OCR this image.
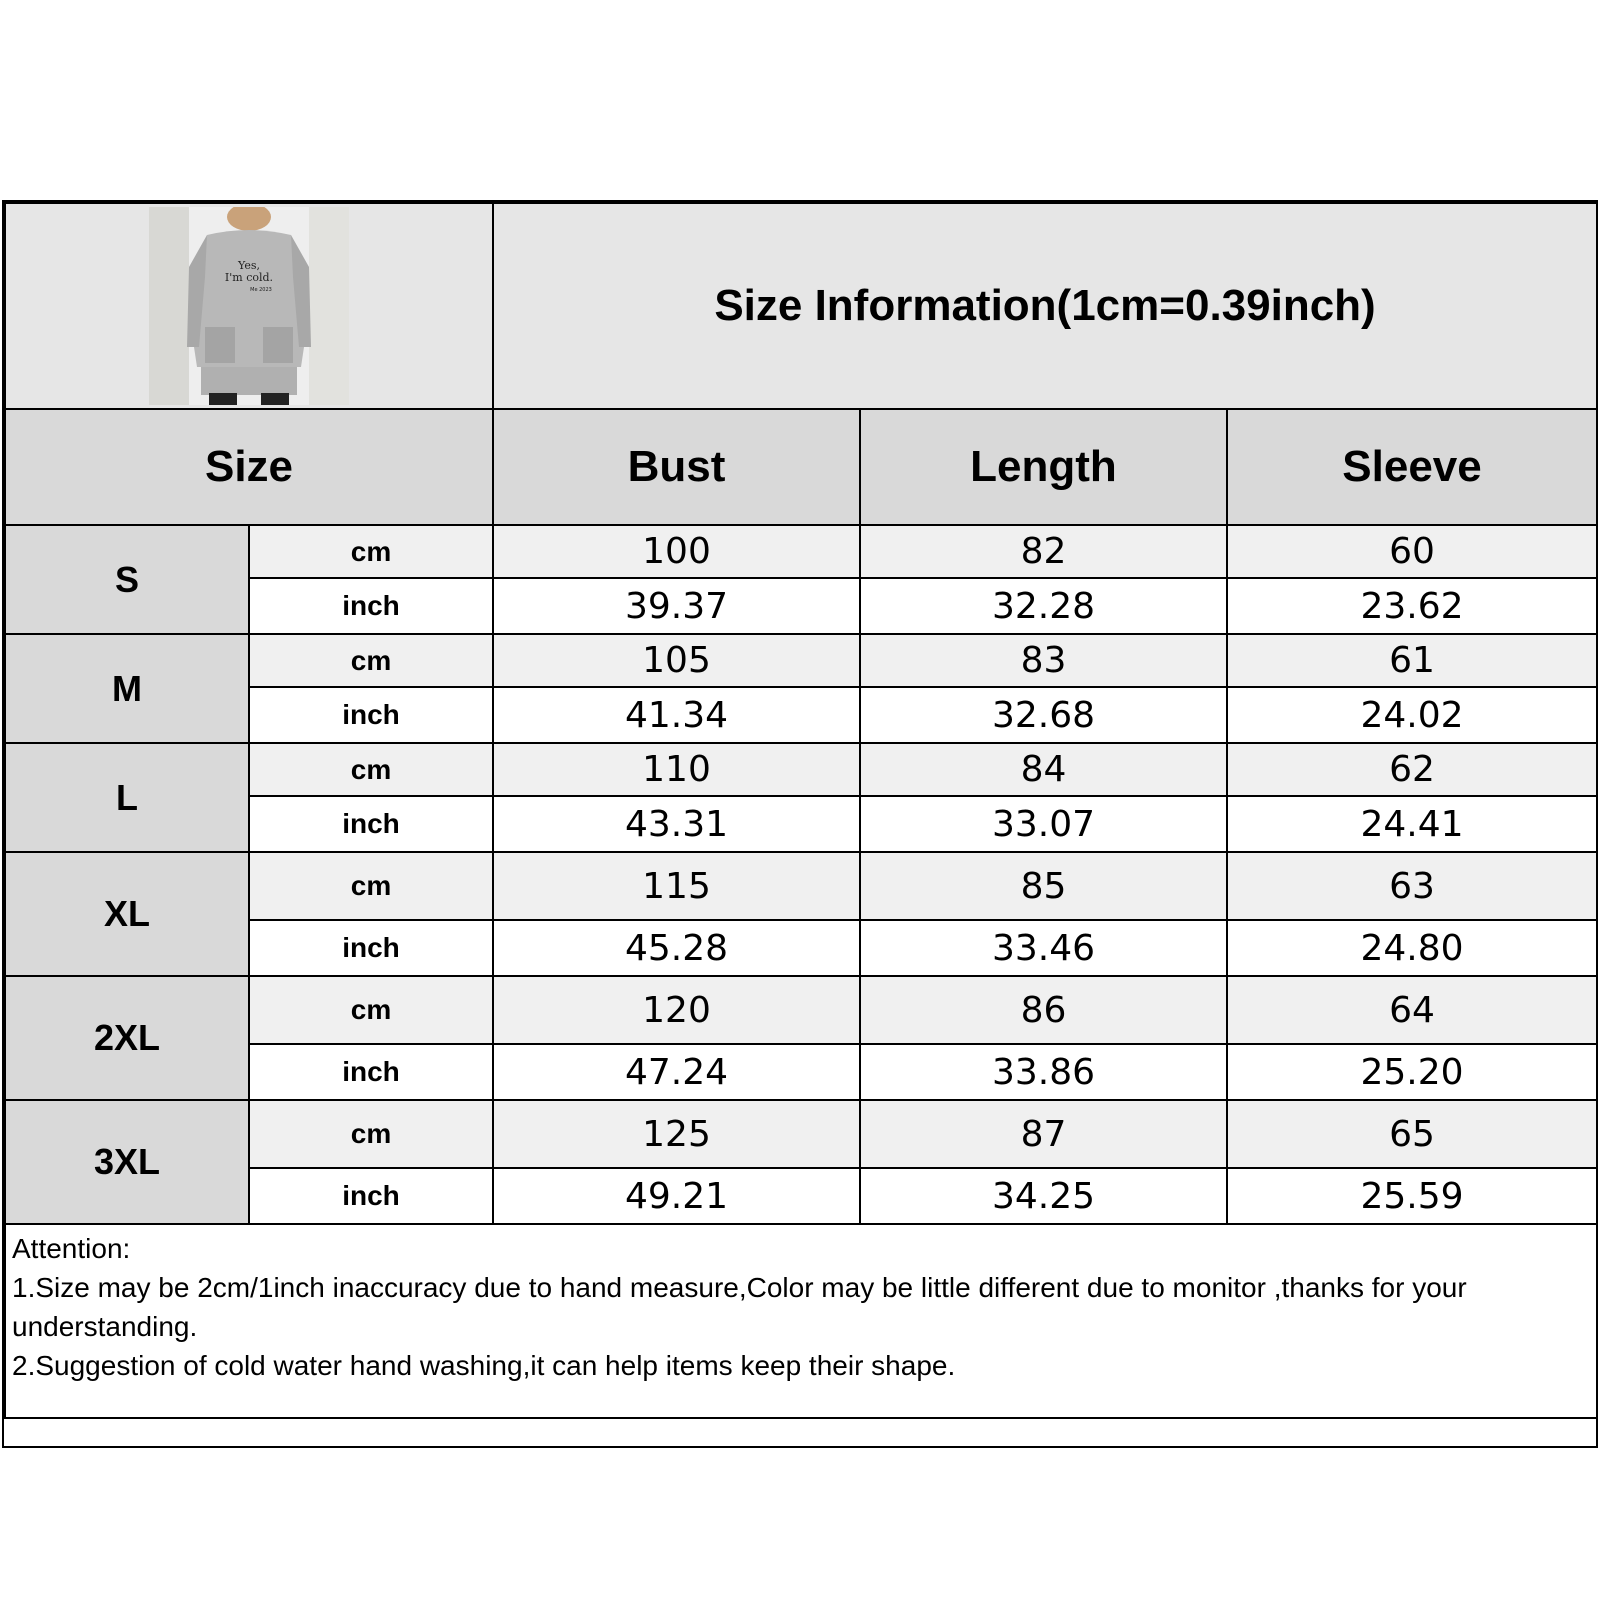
Yes,
I'm cold.
Me 2023		Size Information(1cm=0.39inch)		
Size		Bust	Length	Sleeve
S	cm	100	82	60
	inch	39.37	32.28	23.62
M	cm	105	83	61
	inch	41.34	32.68	24.02
L	cm	110	84	62
	inch	43.31	33.07	24.41
XL	cm	115	85	63
	inch	45.28	33.46	24.80
2XL	cm	120	86	64
	inch	47.24	33.86	25.20
3XL	cm	125	87	65
	inch	49.21	34.25	25.59

Attention:
1.Size may be 2cm/1inch inaccuracy due to hand measure,Color may be little different due to monitor ,thanks for your understanding.
2.Suggestion of cold water hand washing,it can help items keep their shape.				
